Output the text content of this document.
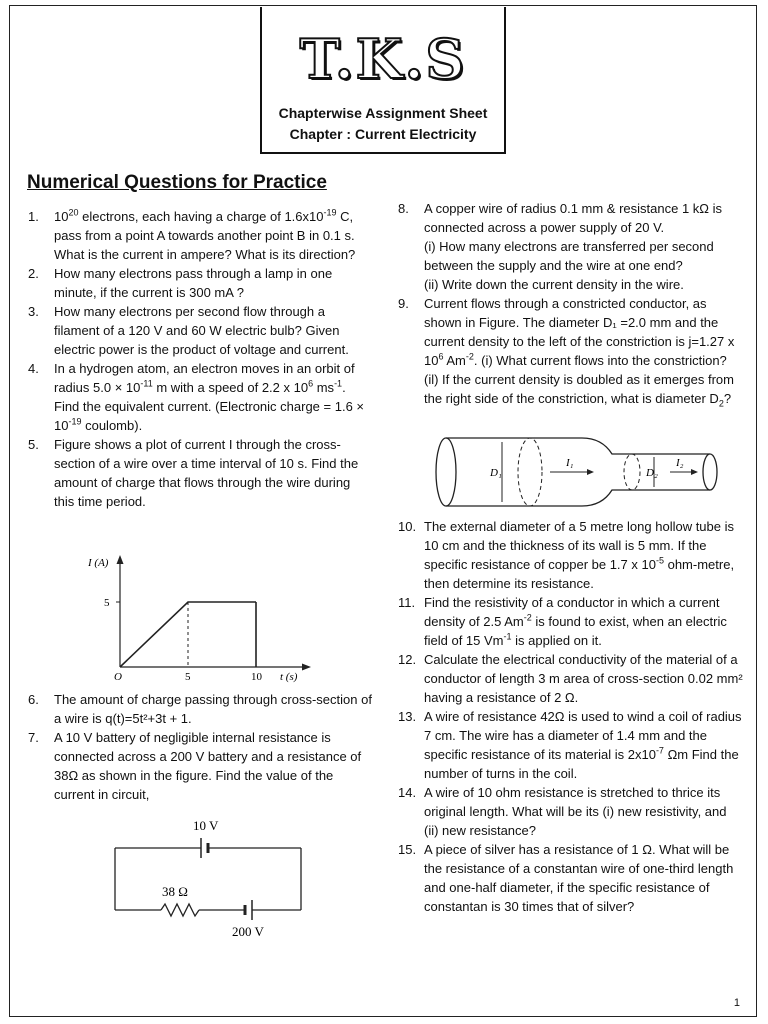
T.K.S
Chapterwise Assignment Sheet
Chapter : Current Electricity
Numerical Questions for Practice
1. $10^{20}$ electrons, each having a charge of $1.6x10^{-19}$ C, pass from a point A towards another point B in 0.1 s. What is the current in ampere? What is its direction?
2. How many electrons pass through a lamp in one minute, if the current is 300 mA ?
3. How many electrons per second flow through a filament of a 120 V and 60 W electric bulb? Given electric power is the product of voltage and current.
4. In a hydrogen atom, an electron moves in an orbit of radius $5.0 \times 10^{-11}$ m with a speed of 2.2 x $10^6$ $ms^{-1}$. Find the equivalent current. (Electronic charge = $1.6 \times 10^{-19}$ coulomb).
5. Figure shows a plot of current I through the cross-section of a wire over a time interval of 10 s. Find the amount of charge that flows through the wire during this time period.
I (A)
t (s)
O
5
5	10
6. The amount of charge passing through cross-section of a wire is q(t)=5t²+3t + 1.
7. A 10 V battery of negligible internal resistance is connected across a 200 V battery and a resistance of 38Ω as shown in the figure. Find the value of the current in circuit,
10 V
38 Ω
200 V
8. A copper wire of radius 0.1 mm & resistance 1 kΩ is connected across a power supply of 20 V.
(i) How many electrons are transferred per second between the supply and the wire at one end?
(ii) Write down the current density in the wire.
9. Current flows through a constricted conductor, as shown in Figure. The diameter D₁ =2.0 mm and the current density to the left of the constriction is j=1.27 x $10^6$ $Am^{-2}$. (i) What current flows into the constriction? (il) If the current density is doubled as it emerges from the right side of the constriction, what is diameter $D_2$?
D₁
I₁
D₂
I₂
10. The external diameter of a 5 metre long hollow tube is 10 cm and the thickness of its wall is 5 mm. If the specific resistance of copper be 1.7 x $10^{-5}$ ohm-metre, then determine its resistance.
11. Find the resistivity of a conductor in which a current density of 2.5 $Am^{-2}$ is found to exist, when an electric field of 15 $Vm^{-1}$ is applied on it.
12. Calculate the electrical conductivity of the material of a conductor of length 3 m area of cross-section 0.02 mm² having a resistance of 2 Ω.
13. A wire of resistance 42Ω is used to wind a coil of radius 7 cm. The wire has a diameter of 1.4 mm and the specific resistance of its material is $2x10^{-7}$ Ωm Find the number of turns in the coil.
14. A wire of 10 ohm resistance is stretched to thrice its original length. What will be its (i) new resistivity, and (ii) new resistance?
15. A piece of silver has a resistance of 1 Ω. What will be the resistance of a constantan wire of one-third length and one-half diameter, if the specific resistance of constantan is 30 times that of silver?
1
